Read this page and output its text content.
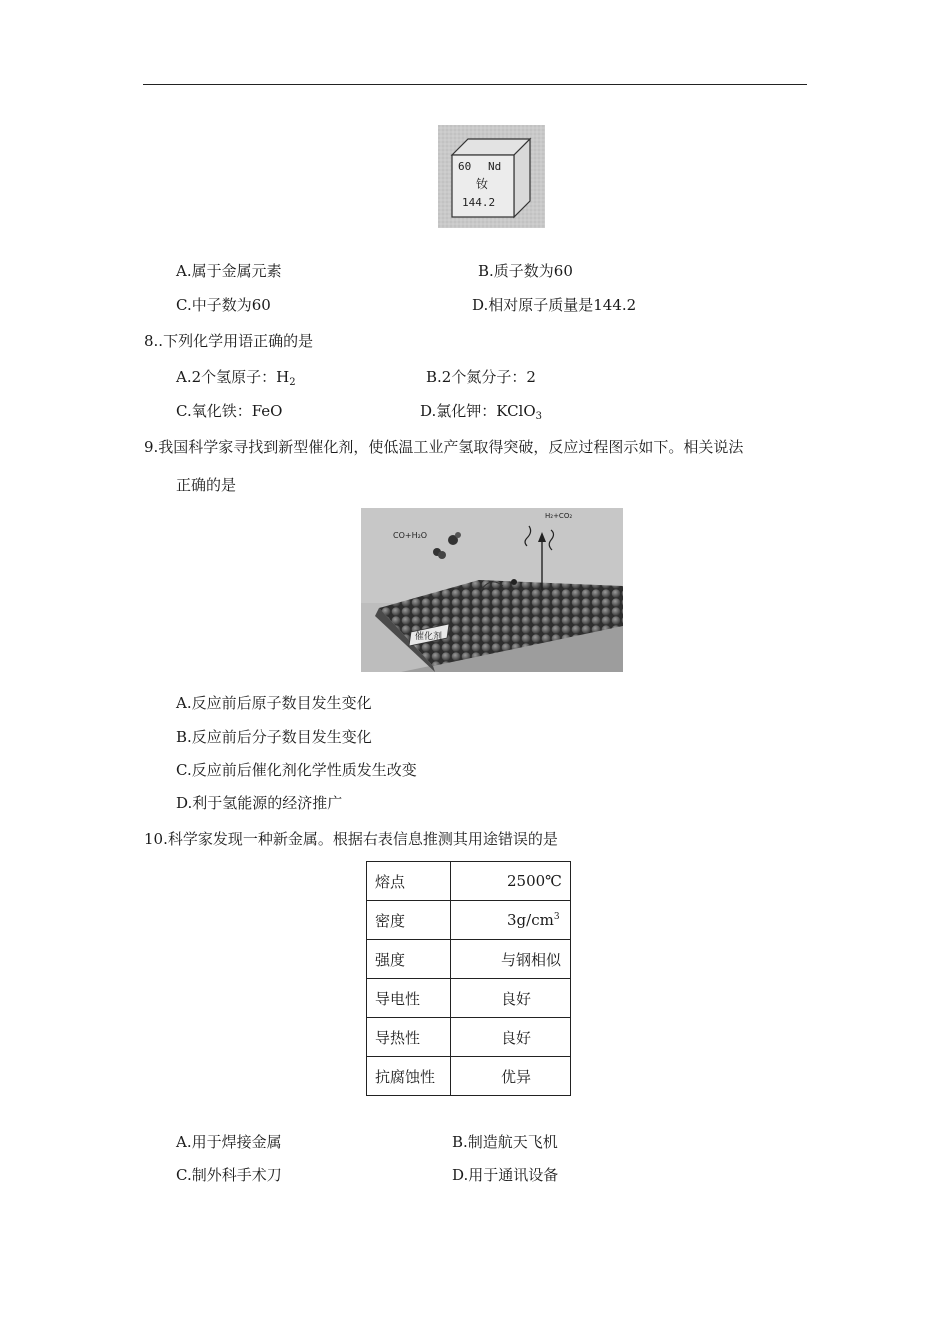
60 Nd
钕
144.2
A.属于金属元素	B.质子数为60
C.中子数为60	D.相对原子质量是144.2
8..下列化学用语正确的是
A.2个氢原子：$H_2$	B.2个氮分子：2
C.氧化铁：FeO	D.氯化钾：KClO$_3$
9.我国科学家寻找到新型催化剂，使低温工业产氢取得突破，反应过程图示如下。相关说法
正确的是
催化剂
CO+H₂O
H₂+CO₂
A.反应前后原子数目发生变化
B.反应前后分子数目发生变化
C.反应前后催化剂化学性质发生改变
D.利于氢能源的经济推广
10.科学家发现一种新金属。根据右表信息推测其用途错误的是
熔点	2500℃
密度	$3g/cm^3$
强度	与钢相似
导电性	良好
导热性	良好
抗腐蚀性	优异
A.用于焊接金属	B.制造航天飞机
C.制外科手术刀	D.用于通讯设备
